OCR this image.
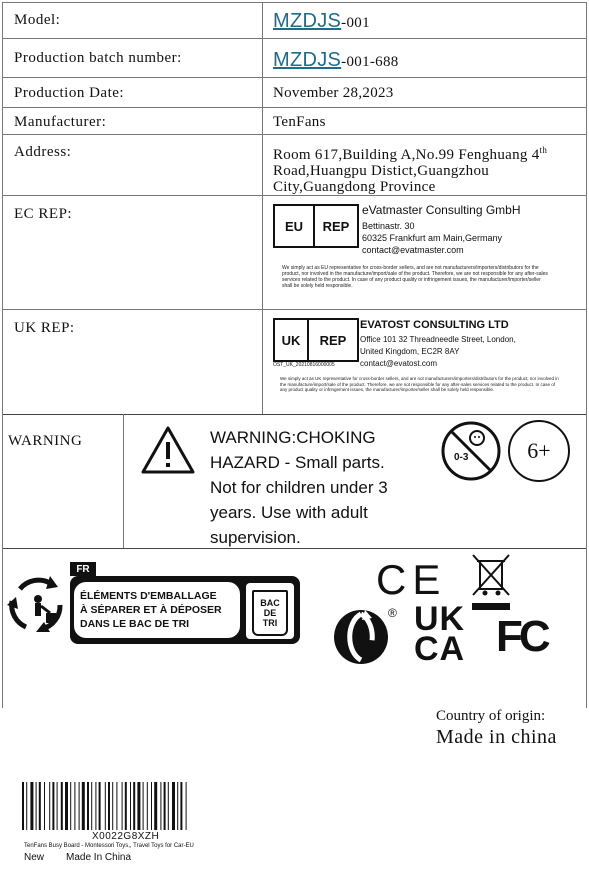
Model:	MZDJS-001
Production batch number:	MZDJS-001-688
Production Date:	November 28,2023
Manufacturer:	TenFans
Address:	Room 617,Building A,No.99 Fenghuang 4th
Road,Huangpu Distict,Guangzhou
City,Guangdong Province
EC REP:
EU	REP
eVatmaster Consulting GmbH
Bettinastr. 30
60325 Frankfurt am Main,Germany
contact@evatmaster.com
We simply act as EU representative for cross-border sellers, and are not manufacturers/importers/distributors for the product, nor involved in the manufacture/import/sale of the product. Therefore, we are not responsible for any after-sales services related to the product. In case of any product quality or infringement issues, the manufacturer/importer/seller shall be solely held responsible.
UK REP:
UK	REP
OST_UK_20210816000005
EVATOST CONSULTING LTD
Office 101 32 Threadneedle Street, London,
United Kingdom, EC2R 8AY
contact@evatost.com
We simply act as UK representative for cross-border sellers, and are not manufacturers/importers/distributors for the product, nor involved in the manufacture/import/sale of the product. Therefore, we are not responsible for any after-sales services related to the product. In case of any product quality or infringement issues, the manufacturer/importer/seller shall be solely held responsible.
WARNING	WARNING:CHOKING
HAZARD - Small parts.
Not for children under 3
years. Use with adult
supervision.
0-3	6+
FR
ÉLÉMENTS D'EMBALLAGE
À SÉPARER ET À DÉPOSER
DANS LE BAC DE TRI
BAC
DE
TRI
CE
® UK
CA FC
Country of origin:
Made in china
X0022G8XZH
TenFans Busy Board - Montessori Toys,, Travel Toys for Car-EU
New Made In China
